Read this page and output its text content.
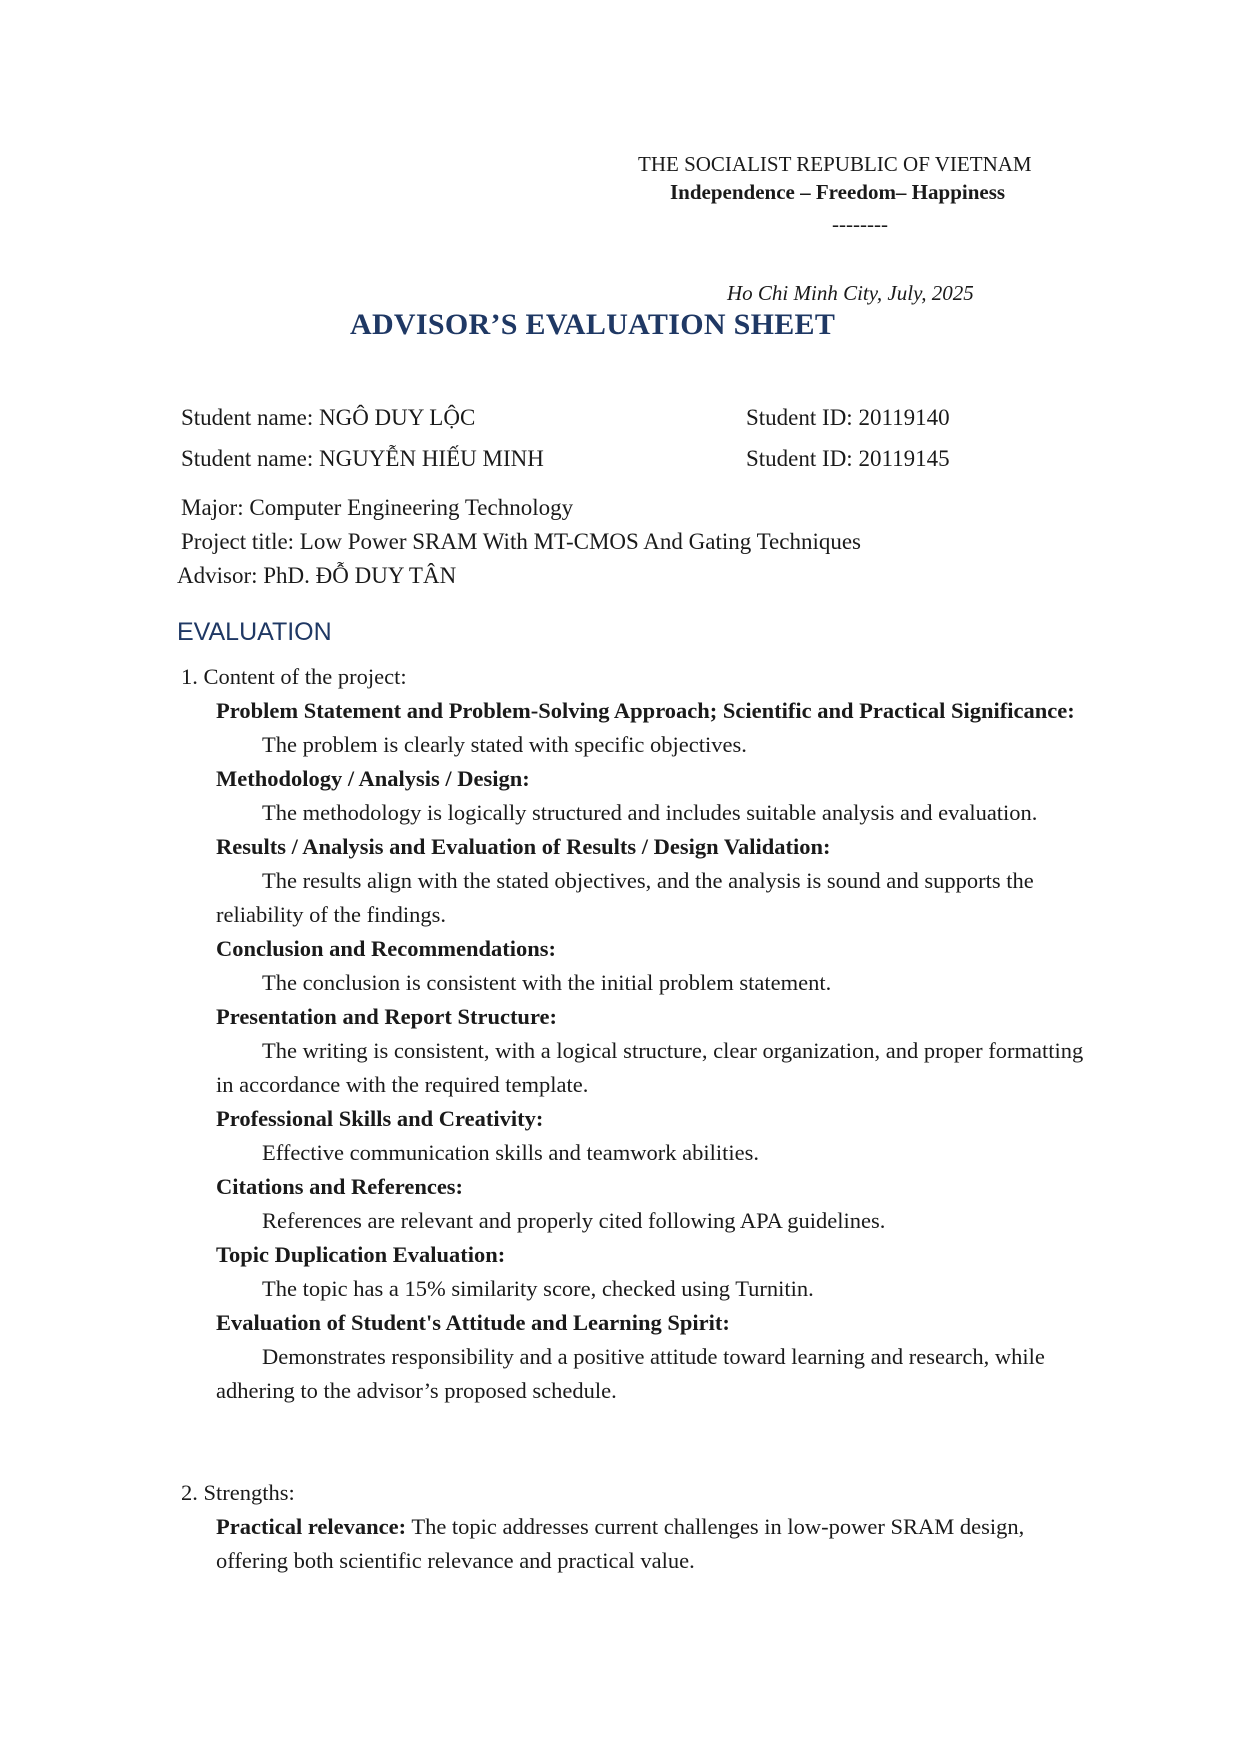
THE SOCIALIST REPUBLIC OF VIETNAM
Independence – Freedom– Happiness
--------
Ho Chi Minh City, July, 2025
ADVISOR’S EVALUATION SHEET
Student name: NGÔ DUY LỘC	Student ID: 20119140
Student name: NGUYỄN HIẾU MINH	Student ID: 20119145
Major: Computer Engineering Technology
Project title: Low Power SRAM With MT-CMOS And Gating Techniques
Advisor: PhD. ĐỖ DUY TÂN
EVALUATION
1. Content of the project:
Problem Statement and Problem-Solving Approach; Scientific and Practical Significance:
The problem is clearly stated with specific objectives.
Methodology / Analysis / Design:
The methodology is logically structured and includes suitable analysis and evaluation.
Results / Analysis and Evaluation of Results / Design Validation:
The results align with the stated objectives, and the analysis is sound and supports the reliability of the findings.
Conclusion and Recommendations:
The conclusion is consistent with the initial problem statement.
Presentation and Report Structure:
The writing is consistent, with a logical structure, clear organization, and proper formatting in accordance with the required template.
Professional Skills and Creativity:
Effective communication skills and teamwork abilities.
Citations and References:
References are relevant and properly cited following APA guidelines.
Topic Duplication Evaluation:
The topic has a 15% similarity score, checked using Turnitin.
Evaluation of Student's Attitude and Learning Spirit:
Demonstrates responsibility and a positive attitude toward learning and research, while adhering to the advisor’s proposed schedule.
2. Strengths:
Practical relevance: The topic addresses current challenges in low-power SRAM design, offering both scientific relevance and practical value.
